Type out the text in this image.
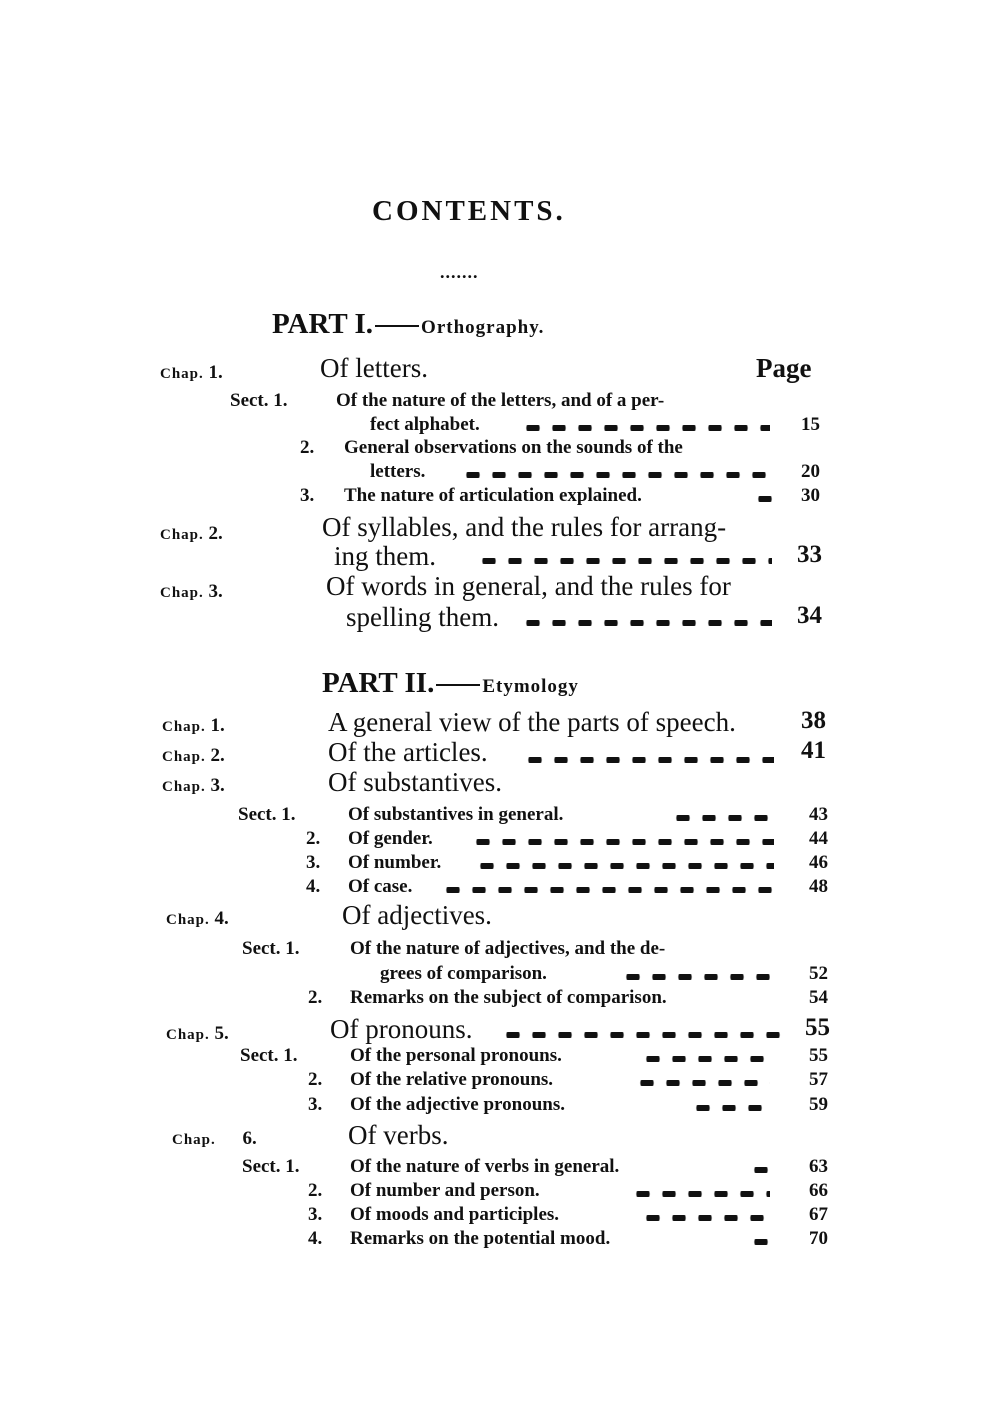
CONTENTS.
.......
PART I.	Orthography.
Chap. 1.	Of letters.	Page
Sect. 1.	Of the nature of the letters, and of a per-
fect alphabet.	15
2. General observations on the sounds of the
letters.	20
3. The nature of articulation explained.	30
Chap. 2.	Of syllables, and the rules for arrang-
ing them.	33
Chap. 3.	Of words in general, and the rules for
spelling them.	34
PART II.	Etymology
Chap. 1.	A general view of the parts of speech.	38
Chap. 2.	Of the articles.	41
Chap. 3.	Of substantives.
Sect. 1.	Of substantives in general.	43
2. Of gender.	44
3. Of number.	46
4. Of case.	48
Chap. 4.	Of adjectives.
Sect. 1.	Of the nature of adjectives, and the de-
grees of comparison.	52
2. Remarks on the subject of comparison.	54
Chap. 5.	Of pronouns.	55
Sect. 1.	Of the personal pronouns.	55
2. Of the relative pronouns.	57
3. Of the adjective pronouns.	59
Chap. 6.	Of verbs.
Sect. 1.	Of the nature of verbs in general.	63
2. Of number and person.	66
3. Of moods and participles.	67
4. Remarks on the potential mood.	70
